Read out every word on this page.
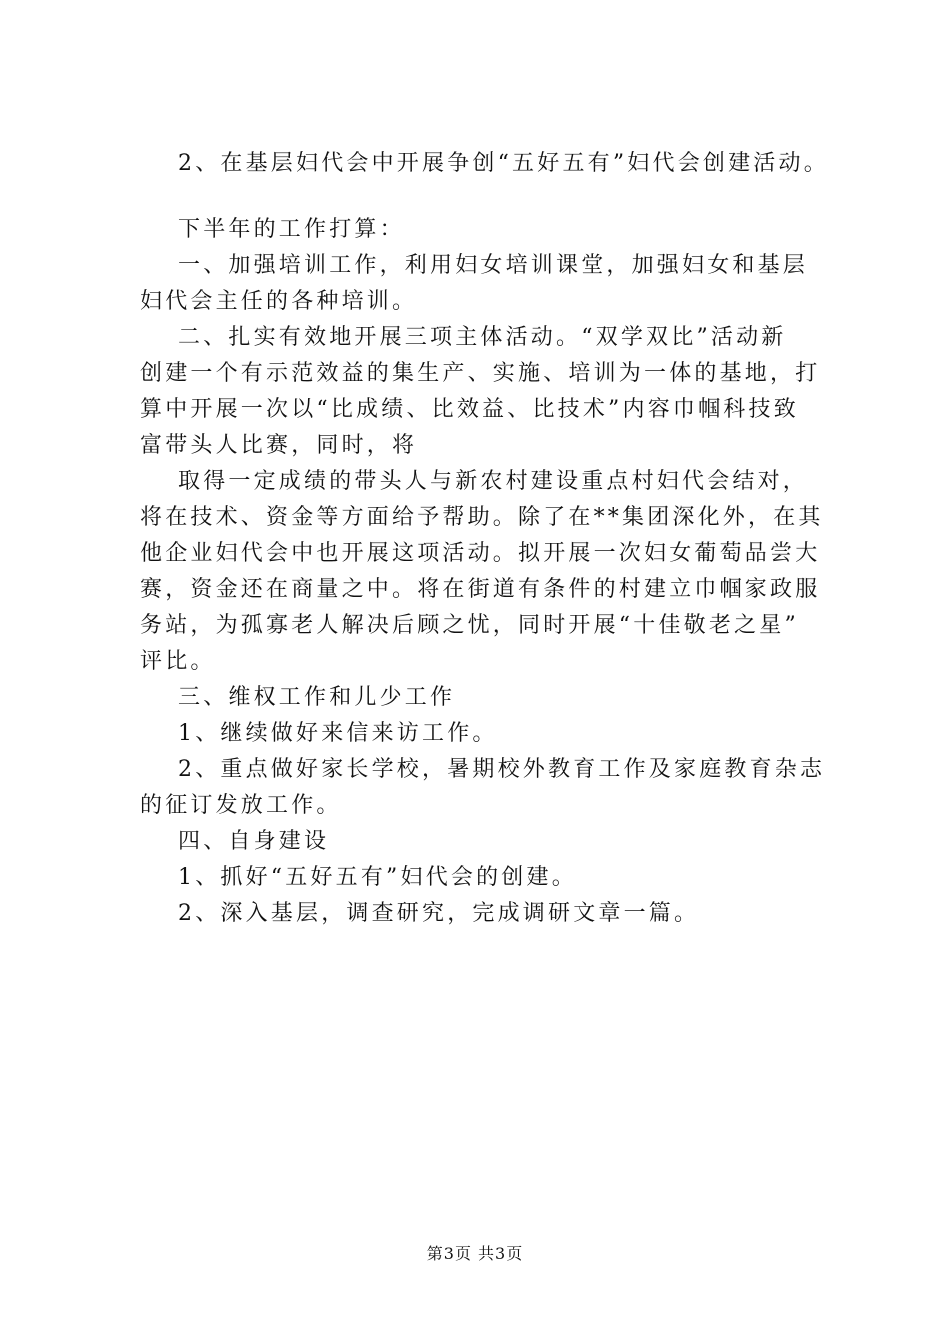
2、在基层妇代会中开展争创“五好五有”妇代会创建活动。
下半年的工作打算：
一、加强培训工作，利用妇女培训课堂，加强妇女和基层
妇代会主任的各种培训。
二、扎实有效地开展三项主体活动。“双学双比”活动新
创建一个有示范效益的集生产、实施、培训为一体的基地，打
算中开展一次以“比成绩、比效益、比技术”内容巾帼科技致
富带头人比赛，同时，将
取得一定成绩的带头人与新农村建设重点村妇代会结对，
将在技术、资金等方面给予帮助。除了在**集团深化外，在其
他企业妇代会中也开展这项活动。拟开展一次妇女葡萄品尝大
赛，资金还在商量之中。将在街道有条件的村建立巾帼家政服
务站，为孤寡老人解决后顾之忧，同时开展“十佳敬老之星”
评比。
三、维权工作和儿少工作
1、继续做好来信来访工作。
2、重点做好家长学校，暑期校外教育工作及家庭教育杂志
的征订发放工作。
四、自身建设
1、抓好“五好五有”妇代会的创建。
2、深入基层，调查研究，完成调研文章一篇。
第3页 共3页
